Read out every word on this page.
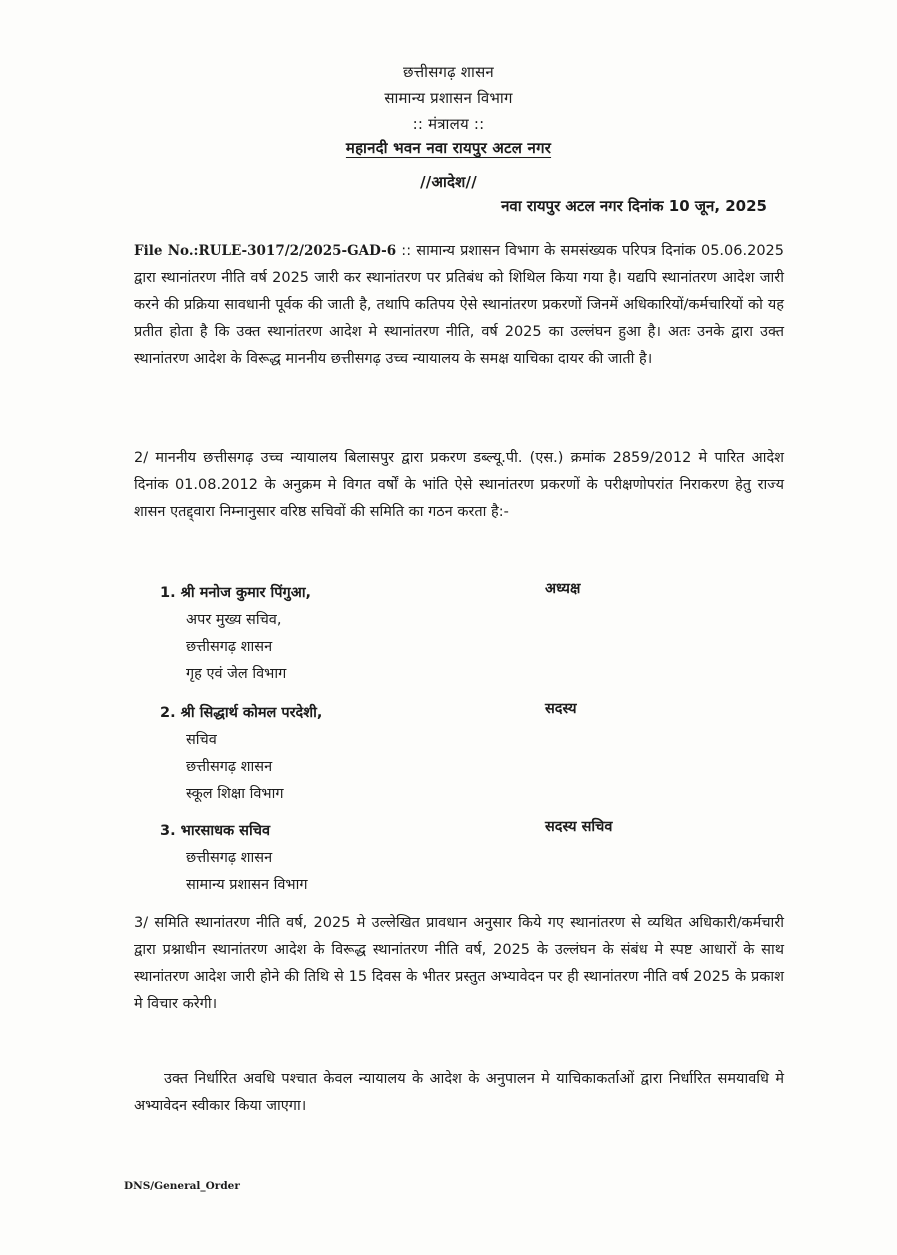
छत्तीसगढ़ शासन
सामान्य प्रशासन विभाग
:: मंत्रालय ::
महानदी भवन नवा रायपुर अटल नगर
//आदेश//
नवा रायपुर अटल नगर दिनांक 10 जून, 2025
File No.:RULE-3017/2/2025-GAD-6 :: सामान्य प्रशासन विभाग के समसंख्यक परिपत्र दिनांक 05.06.2025 द्वारा स्थानांतरण नीति वर्ष 2025 जारी कर स्थानांतरण पर प्रतिबंध को शिथिल किया गया है। यद्यपि स्थानांतरण आदेश जारी करने की प्रक्रिया सावधानी पूर्वक की जाती है, तथापि कतिपय ऐसे स्थानांतरण प्रकरणों जिनमें अधिकारियों/कर्मचारियों को यह प्रतीत होता है कि उक्त स्थानांतरण आदेश मे स्थानांतरण नीति, वर्ष 2025 का उल्लंघन हुआ है। अतः उनके द्वारा उक्त स्थानांतरण आदेश के विरूद्ध माननीय छत्तीसगढ़ उच्च न्यायालय के समक्ष याचिका दायर की जाती है।
2/ माननीय छत्तीसगढ़ उच्च न्यायालय बिलासपुर द्वारा प्रकरण डब्ल्यू.पी. (एस.) क्रमांक 2859/2012 मे पारित आदेश दिनांक 01.08.2012 के अनुक्रम मे विगत वर्षों के भांति ऐसे स्थानांतरण प्रकरणों के परीक्षणोपरांत निराकरण हेतु राज्य शासन एतद्द्वारा निम्नानुसार वरिष्ठ सचिवों की समिति का गठन करता है:-
1. श्री मनोज कुमार पिंगुआ,
अपर मुख्य सचिव,
छत्तीसगढ़ शासन
गृह एवं जेल विभाग
अध्यक्ष
2. श्री सिद्धार्थ कोमल परदेशी,
सचिव
छत्तीसगढ़ शासन
स्कूल शिक्षा विभाग
सदस्य
3. भारसाधक सचिव
छत्तीसगढ़ शासन
सामान्य प्रशासन विभाग
सदस्य सचिव
3/ समिति स्थानांतरण नीति वर्ष, 2025 मे उल्लेखित प्रावधान अनुसार किये गए स्थानांतरण से व्यथित अधिकारी/कर्मचारी द्वारा प्रश्नाधीन स्थानांतरण आदेश के विरूद्ध स्थानांतरण नीति वर्ष, 2025 के उल्लंघन के संबंध मे स्पष्ट आधारों के साथ स्थानांतरण आदेश जारी होने की तिथि से 15 दिवस के भीतर प्रस्तुत अभ्यावेदन पर ही स्थानांतरण नीति वर्ष 2025 के प्रकाश मे विचार करेगी।
उक्त निर्धारित अवधि पश्चात केवल न्यायालय के आदेश के अनुपालन मे याचिकाकर्ताओं द्वारा निर्धारित समयावधि मे अभ्यावेदन स्वीकार किया जाएगा।
DNS/General_Order
